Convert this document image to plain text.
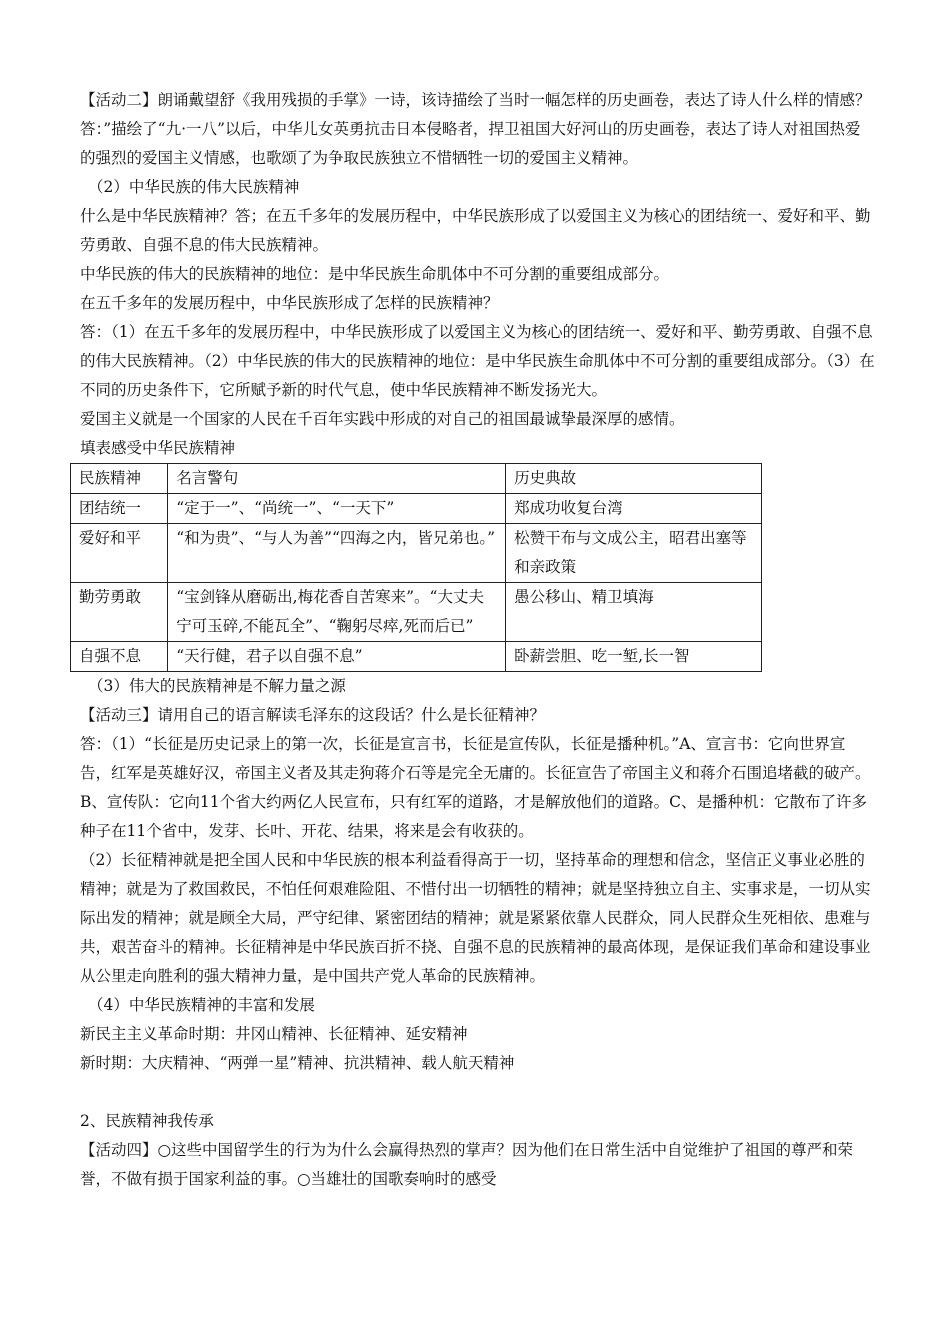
【活动二】朗诵戴望舒《我用残损的手掌》一诗，该诗描绘了当时一幅怎样的历史画卷，表达了诗人什么样的情感？

答：”描绘了“九·一八”以后，中华儿女英勇抗击日本侵略者，捍卫祖国大好河山的历史画卷，表达了诗人对祖国热爱的强烈的爱国主义情感，也歌颂了为争取民族独立不惜牺牲一切的爱国主义精神。

（2）中华民族的伟大民族精神

什么是中华民族精神？答；在五千多年的发展历程中，中华民族形成了以爱国主义为核心的团结统一、爱好和平、勤劳勇敢、自强不息的伟大民族精神。

中华民族的伟大的民族精神的地位：是中华民族生命肌体中不可分割的重要组成部分。

在五千多年的发展历程中，中华民族形成了怎样的民族精神？

答：（1）在五千多年的发展历程中，中华民族形成了以爱国主义为核心的团结统一、爱好和平、勤劳勇敢、自强不息的伟大民族精神。（2）中华民族的伟大的民族精神的地位：是中华民族生命肌体中不可分割的重要组成部分。（3）在不同的历史条件下，它所赋予新的时代气息，使中华民族精神不断发扬光大。

爱国主义就是一个国家的人民在千百年实践中形成的对自己的祖国最诚挚最深厚的感情。

填表感受中华民族精神

民族精神	名言警句	历史典故
团结统一	“定于一”、“尚统一”、“一天下”	郑成功收复台湾
爱好和平	“和为贵”、“与人为善”“四海之内，皆兄弟也。”	松赞干布与文成公主，昭君出塞等和亲政策
勤劳勇敢	“宝剑锋从磨砺出,梅花香自苦寒来”。“大丈夫宁可玉碎,不能瓦全”、“鞠躬尽瘁,死而后已”	愚公移山、精卫填海
自强不息	“天行健，君子以自强不息”	卧薪尝胆、吃一堑,长一智

（3）伟大的民族精神是不解力量之源

【活动三】请用自己的语言解读毛泽东的这段话？什么是长征精神？

答：（1）“长征是历史记录上的第一次，长征是宣言书，长征是宣传队，长征是播种机。”A、宣言书：它向世界宣告，红军是英雄好汉，帝国主义者及其走狗蒋介石等是完全无庸的。长征宣告了帝国主义和蒋介石围追堵截的破产。B、宣传队：它向11个省大约两亿人民宣布，只有红军的道路，才是解放他们的道路。C、是播种机：它散布了许多种子在11个省中，发芽、长叶、开花、结果，将来是会有收获的。

（2）长征精神就是把全国人民和中华民族的根本利益看得高于一切，坚持革命的理想和信念，坚信正义事业必胜的精神；就是为了救国救民，不怕任何艰难险阻、不惜付出一切牺牲的精神；就是坚持独立自主、实事求是，一切从实际出发的精神；就是顾全大局，严守纪律、紧密团结的精神；就是紧紧依靠人民群众，同人民群众生死相依、患难与共，艰苦奋斗的精神。长征精神是中华民族百折不挠、自强不息的民族精神的最高体现，是保证我们革命和建设事业从公里走向胜利的强大精神力量，是中国共产党人革命的民族精神。

（4）中华民族精神的丰富和发展

新民主主义革命时期：井冈山精神、长征精神、延安精神

新时期：大庆精神、“两弹一星”精神、抗洪精神、载人航天精神

2、民族精神我传承

【活动四】○这些中国留学生的行为为什么会赢得热烈的掌声？因为他们在日常生活中自觉维护了祖国的尊严和荣誉，不做有损于国家利益的事。○当雄壮的国歌奏响时的感受
